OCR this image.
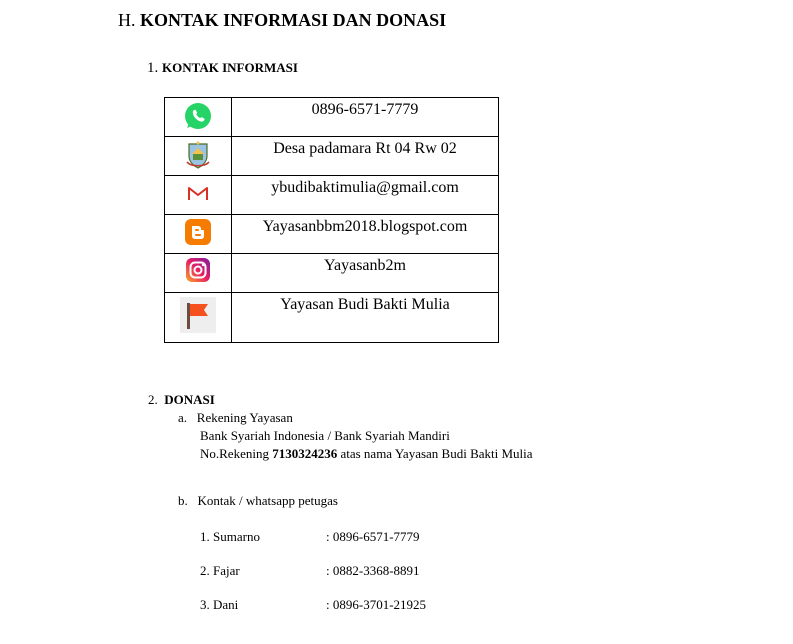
H. KONTAK INFORMASI DAN DONASI
1. KONTAK INFORMASI
	0896-6571-7779

	Desa padamara Rt 04 Rw 02

	ybudibaktimulia@gmail.com

	Yayasanbbm2018.blogspot.com

	Yayasanb2m

	Yayasan Budi Bakti Mulia
2. DONASI
a. Rekening Yayasan
Bank Syariah Indonesia / Bank Syariah Mandiri
No.Rekening 7130324236 atas nama Yayasan Budi Bakti Mulia
b. Kontak / whatsapp petugas
1. Sumarno	: 0896-6571-7779
2. Fajar	: 0882-3368-8891
3. Dani	: 0896-3701-21925
